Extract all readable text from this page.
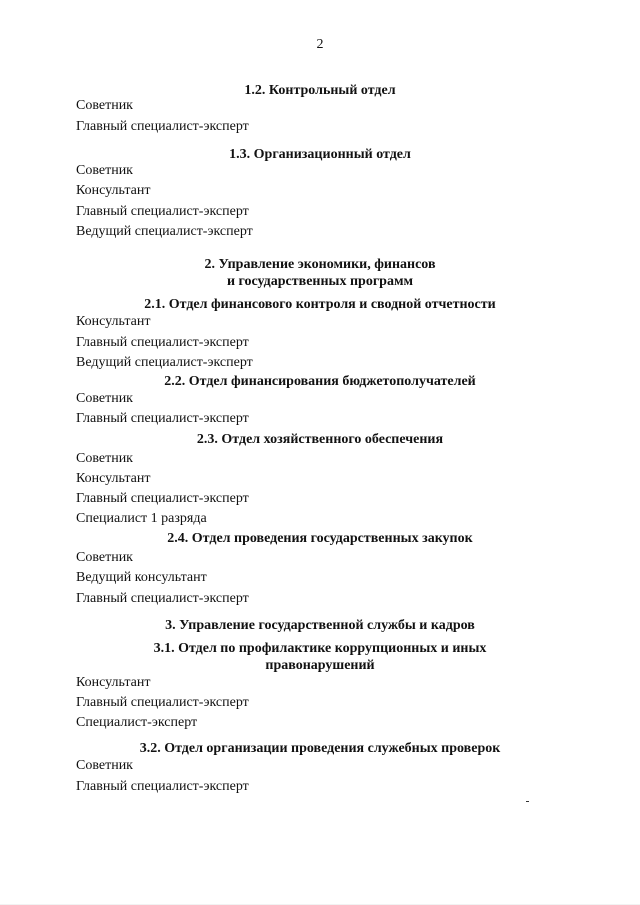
2
1.2. Контрольный отдел
Советник
Главный специалист-эксперт
1.3. Организационный отдел
Советник
Консультант
Главный специалист-эксперт
Ведущий специалист-эксперт
2. Управление экономики, финансов
и государственных программ
2.1. Отдел финансового контроля и сводной отчетности
Консультант
Главный специалист-эксперт
Ведущий специалист-эксперт
2.2. Отдел финансирования бюджетополучателей
Советник
Главный специалист-эксперт
2.3. Отдел хозяйственного обеспечения
Советник
Консультант
Главный специалист-эксперт
Специалист 1 разряда
2.4. Отдел проведения государственных закупок
Советник
Ведущий консультант
Главный специалист-эксперт
3. Управление государственной службы и кадров
3.1. Отдел по профилактике коррупционных и иных
правонарушений
Консультант
Главный специалист-эксперт
Специалист-эксперт
3.2. Отдел организации проведения служебных проверок
Советник
Главный специалист-эксперт
